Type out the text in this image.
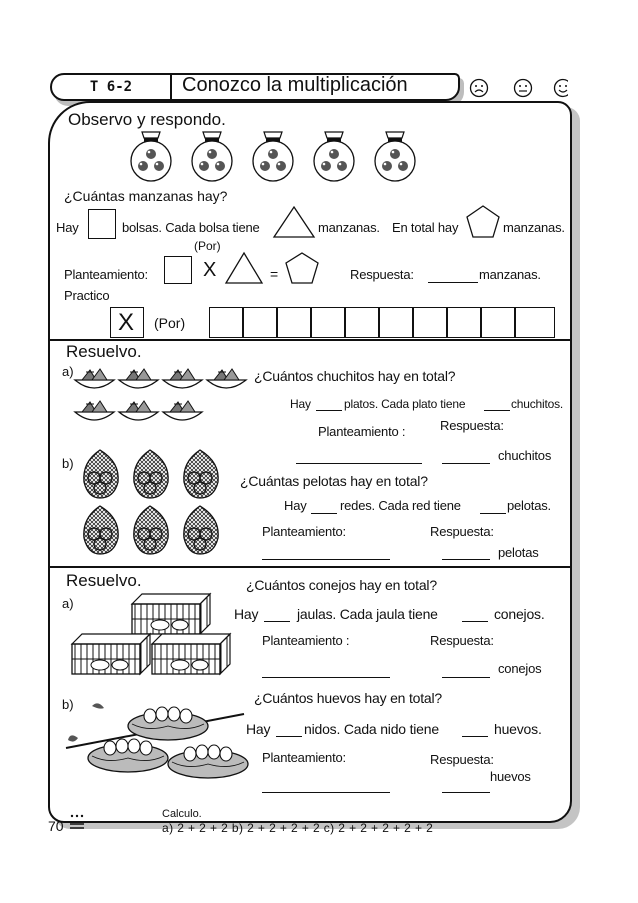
T 6-2	Conozco la multiplicación
Observo y respondo.
¿Cuántas manzanas hay?
Hay	bolsas. Cada bolsa tiene	manzanas. En total hay	manzanas.
(Por)
Planteamiento:	X	=	Respuesta:	manzanas.
Practico
X (Por)
Resuelvo.
a)	¿Cuántos chuchitos hay en total?
Hay	platos. Cada plato tiene	chuchitos.
Planteamiento :	Respuesta:
chuchitos
b)
¿Cuántas pelotas hay en total?
Hay	redes. Cada red tiene	pelotas.
Planteamiento:	Respuesta:
pelotas
Resuelvo.
a)
¿Cuántos conejos hay en total?
Hay	jaulas. Cada jaula tiene	conejos.
Planteamiento :	Respuesta:
conejos
b)	¿Cuántos huevos hay en total?
Hay nidos. Cada nido tiene	huevos.
Planteamiento:	Respuesta:
huevos
70
Calculo.
a) 2 + 2 + 2 b) 2 + 2 + 2 + 2 c) 2 + 2 + 2 + 2 + 2
